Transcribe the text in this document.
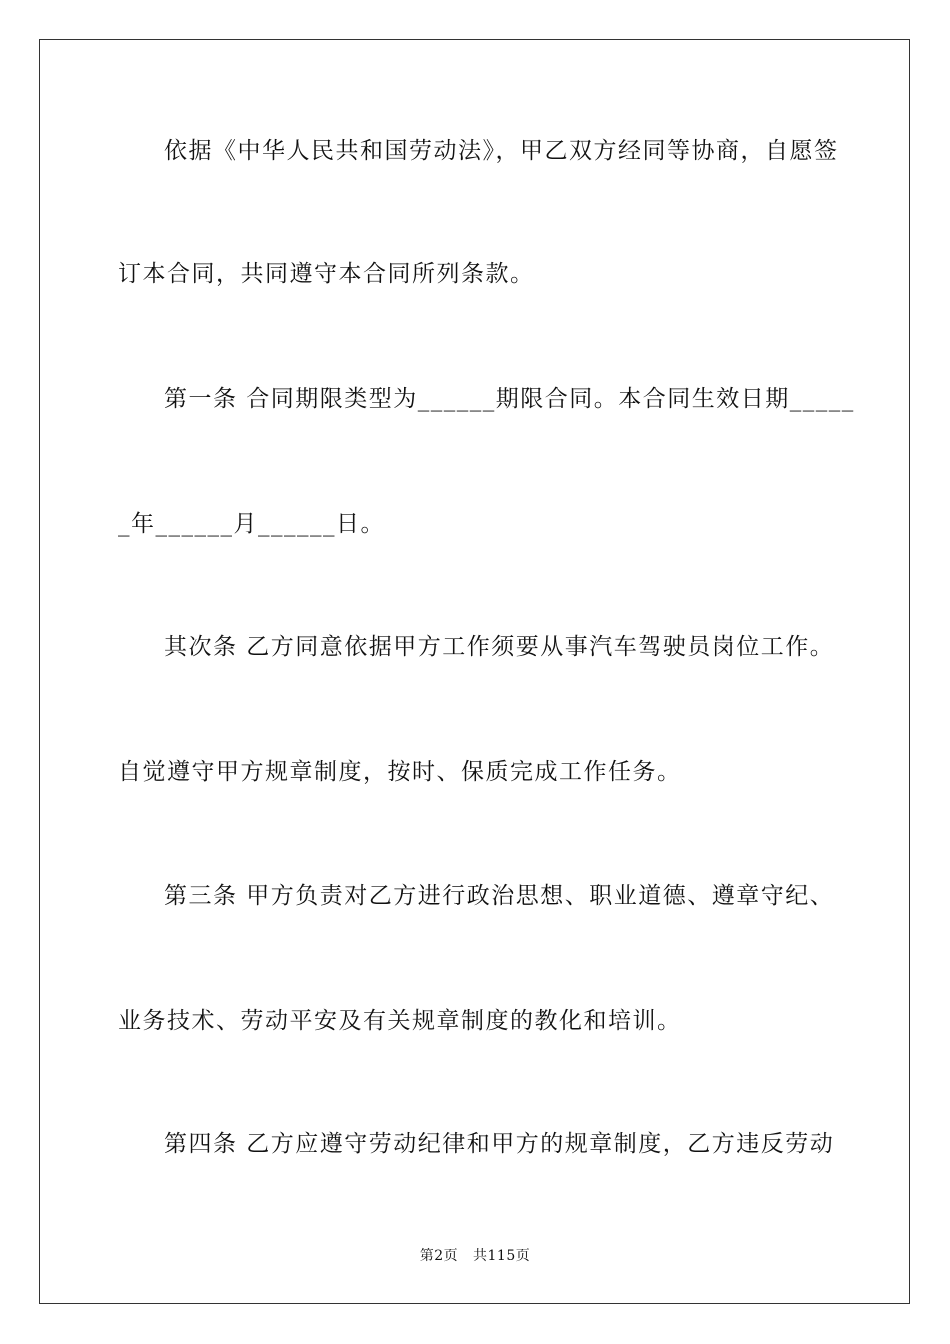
依据《中华人民共和国劳动法》，甲乙双方经同等协商，自愿签
订本合同，共同遵守本合同所列条款。
第一条 合同期限类型为______期限合同。本合同生效日期_____
_年______月______日。
其次条 乙方同意依据甲方工作须要从事汽车驾驶员岗位工作。
自觉遵守甲方规章制度，按时、保质完成工作任务。
第三条 甲方负责对乙方进行政治思想、职业道德、遵章守纪、
业务技术、劳动平安及有关规章制度的教化和培训。
第四条 乙方应遵守劳动纪律和甲方的规章制度，乙方违反劳动
第2页   共115页
